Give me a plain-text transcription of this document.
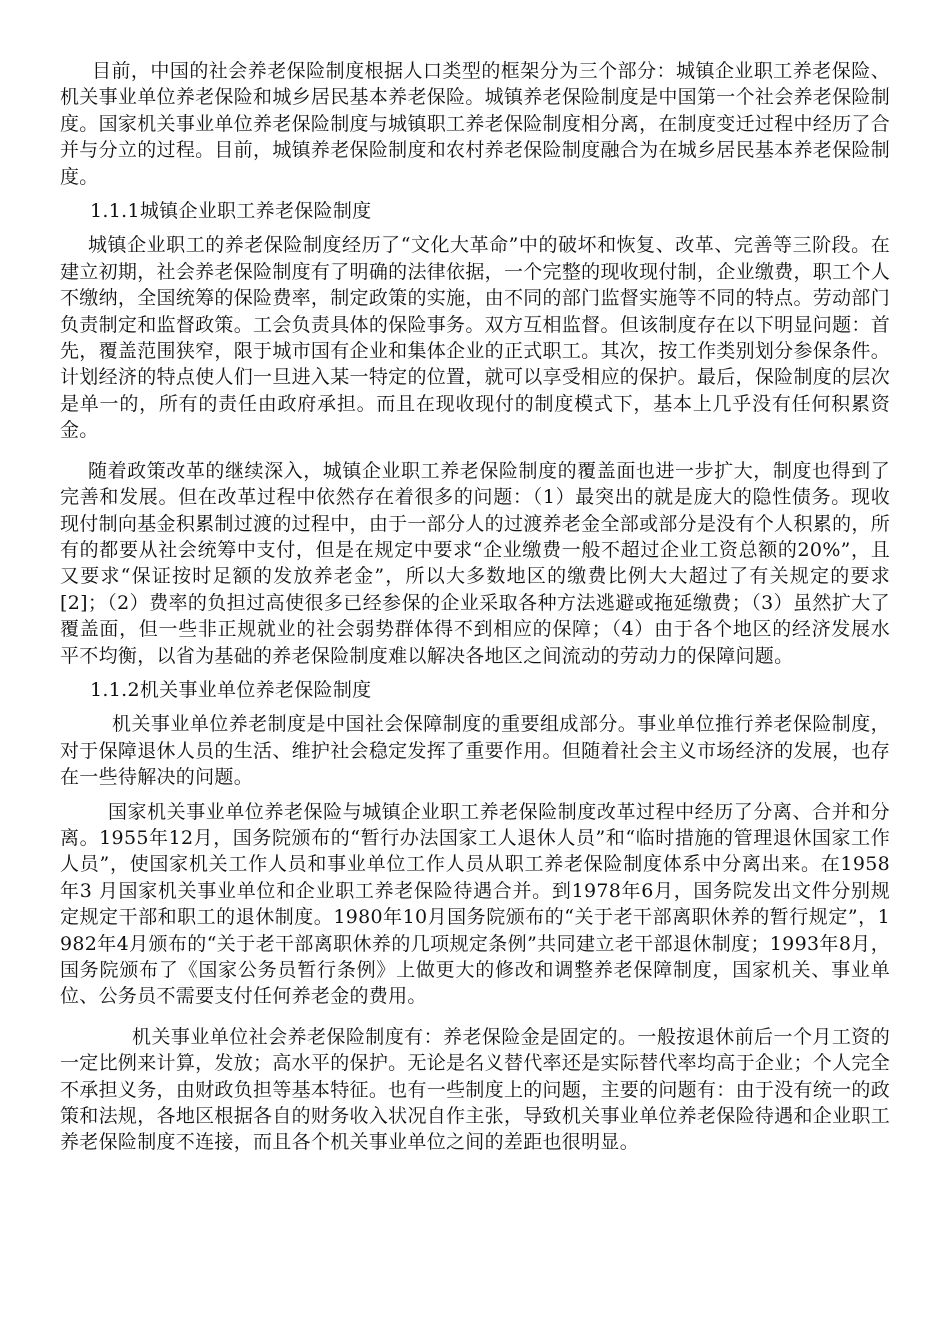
目前，中国的社会养老保险制度根据人口类型的框架分为三个部分：城镇企业职工养老保险、机关事业单位养老保险和城乡居民基本养老保险。城镇养老保险制度是中国第一个社会养老保险制度。国家机关事业单位养老保险制度与城镇职工养老保险制度相分离，在制度变迁过程中经历了合并与分立的过程。目前，城镇养老保险制度和农村养老保险制度融合为在城乡居民基本养老保险制度。

1.1.1城镇企业职工养老保险制度

城镇企业职工的养老保险制度经历了“文化大革命”中的破坏和恢复、改革、完善等三阶段。在建立初期，社会养老保险制度有了明确的法律依据，一个完整的现收现付制，企业缴费，职工个人不缴纳，全国统筹的保险费率，制定政策的实施，由不同的部门监督实施等不同的特点。劳动部门负责制定和监督政策。工会负责具体的保险事务。双方互相监督。但该制度存在以下明显问题：首先，覆盖范围狭窄，限于城市国有企业和集体企业的正式职工。其次，按工作类别划分参保条件。计划经济的特点使人们一旦进入某一特定的位置，就可以享受相应的保护。最后，保险制度的层次是单一的，所有的责任由政府承担。而且在现收现付的制度模式下，基本上几乎没有任何积累资金。

随着政策改革的继续深入，城镇企业职工养老保险制度的覆盖面也进一步扩大，制度也得到了完善和发展。但在改革过程中依然存在着很多的问题：（1）最突出的就是庞大的隐性债务。现收现付制向基金积累制过渡的过程中，由于一部分人的过渡养老金全部或部分是没有个人积累的，所有的都要从社会统筹中支付，但是在规定中要求“企业缴费一般不超过企业工资总额的20%”，且又要求“保证按时足额的发放养老金”，所以大多数地区的缴费比例大大超过了有关规定的要求[2]；（2）费率的负担过高使很多已经参保的企业采取各种方法逃避或拖延缴费；（3）虽然扩大了覆盖面，但一些非正规就业的社会弱势群体得不到相应的保障；（4）由于各个地区的经济发展水平不均衡，以省为基础的养老保险制度难以解决各地区之间流动的劳动力的保障问题。

1.1.2机关事业单位养老保险制度

机关事业单位养老制度是中国社会保障制度的重要组成部分。事业单位推行养老保险制度，对于保障退休人员的生活、维护社会稳定发挥了重要作用。但随着社会主义市场经济的发展，也存在一些待解决的问题。

国家机关事业单位养老保险与城镇企业职工养老保险制度改革过程中经历了分离、合并和分离。1955年12月，国务院颁布的“暂行办法国家工人退休人员”和“临时措施的管理退休国家工作人员”，使国家机关工作人员和事业单位工作人员从职工养老保险制度体系中分离出来。在1958 年3 月国家机关事业单位和企业职工养老保险待遇合并。到1978年6月，国务院发出文件分别规定规定干部和职工的退休制度。1980年10月国务院颁布的“关于老干部离职休养的暂行规定”，1982年4月颁布的“关于老干部离职休养的几项规定条例”共同建立老干部退休制度；1993年8月，国务院颁布了《国家公务员暂行条例》上做更大的修改和调整养老保障制度，国家机关、事业单位、公务员不需要支付任何养老金的费用。

机关事业单位社会养老保险制度有：养老保险金是固定的。一般按退休前后一个月工资的一定比例来计算，发放；高水平的保护。无论是名义替代率还是实际替代率均高于企业；个人完全不承担义务，由财政负担等基本特征。也有一些制度上的问题，主要的问题有：由于没有统一的政策和法规，各地区根据各自的财务收入状况自作主张，导致机关事业单位养老保险待遇和企业职工养老保险制度不连接，而且各个机关事业单位之间的差距也很明显。
